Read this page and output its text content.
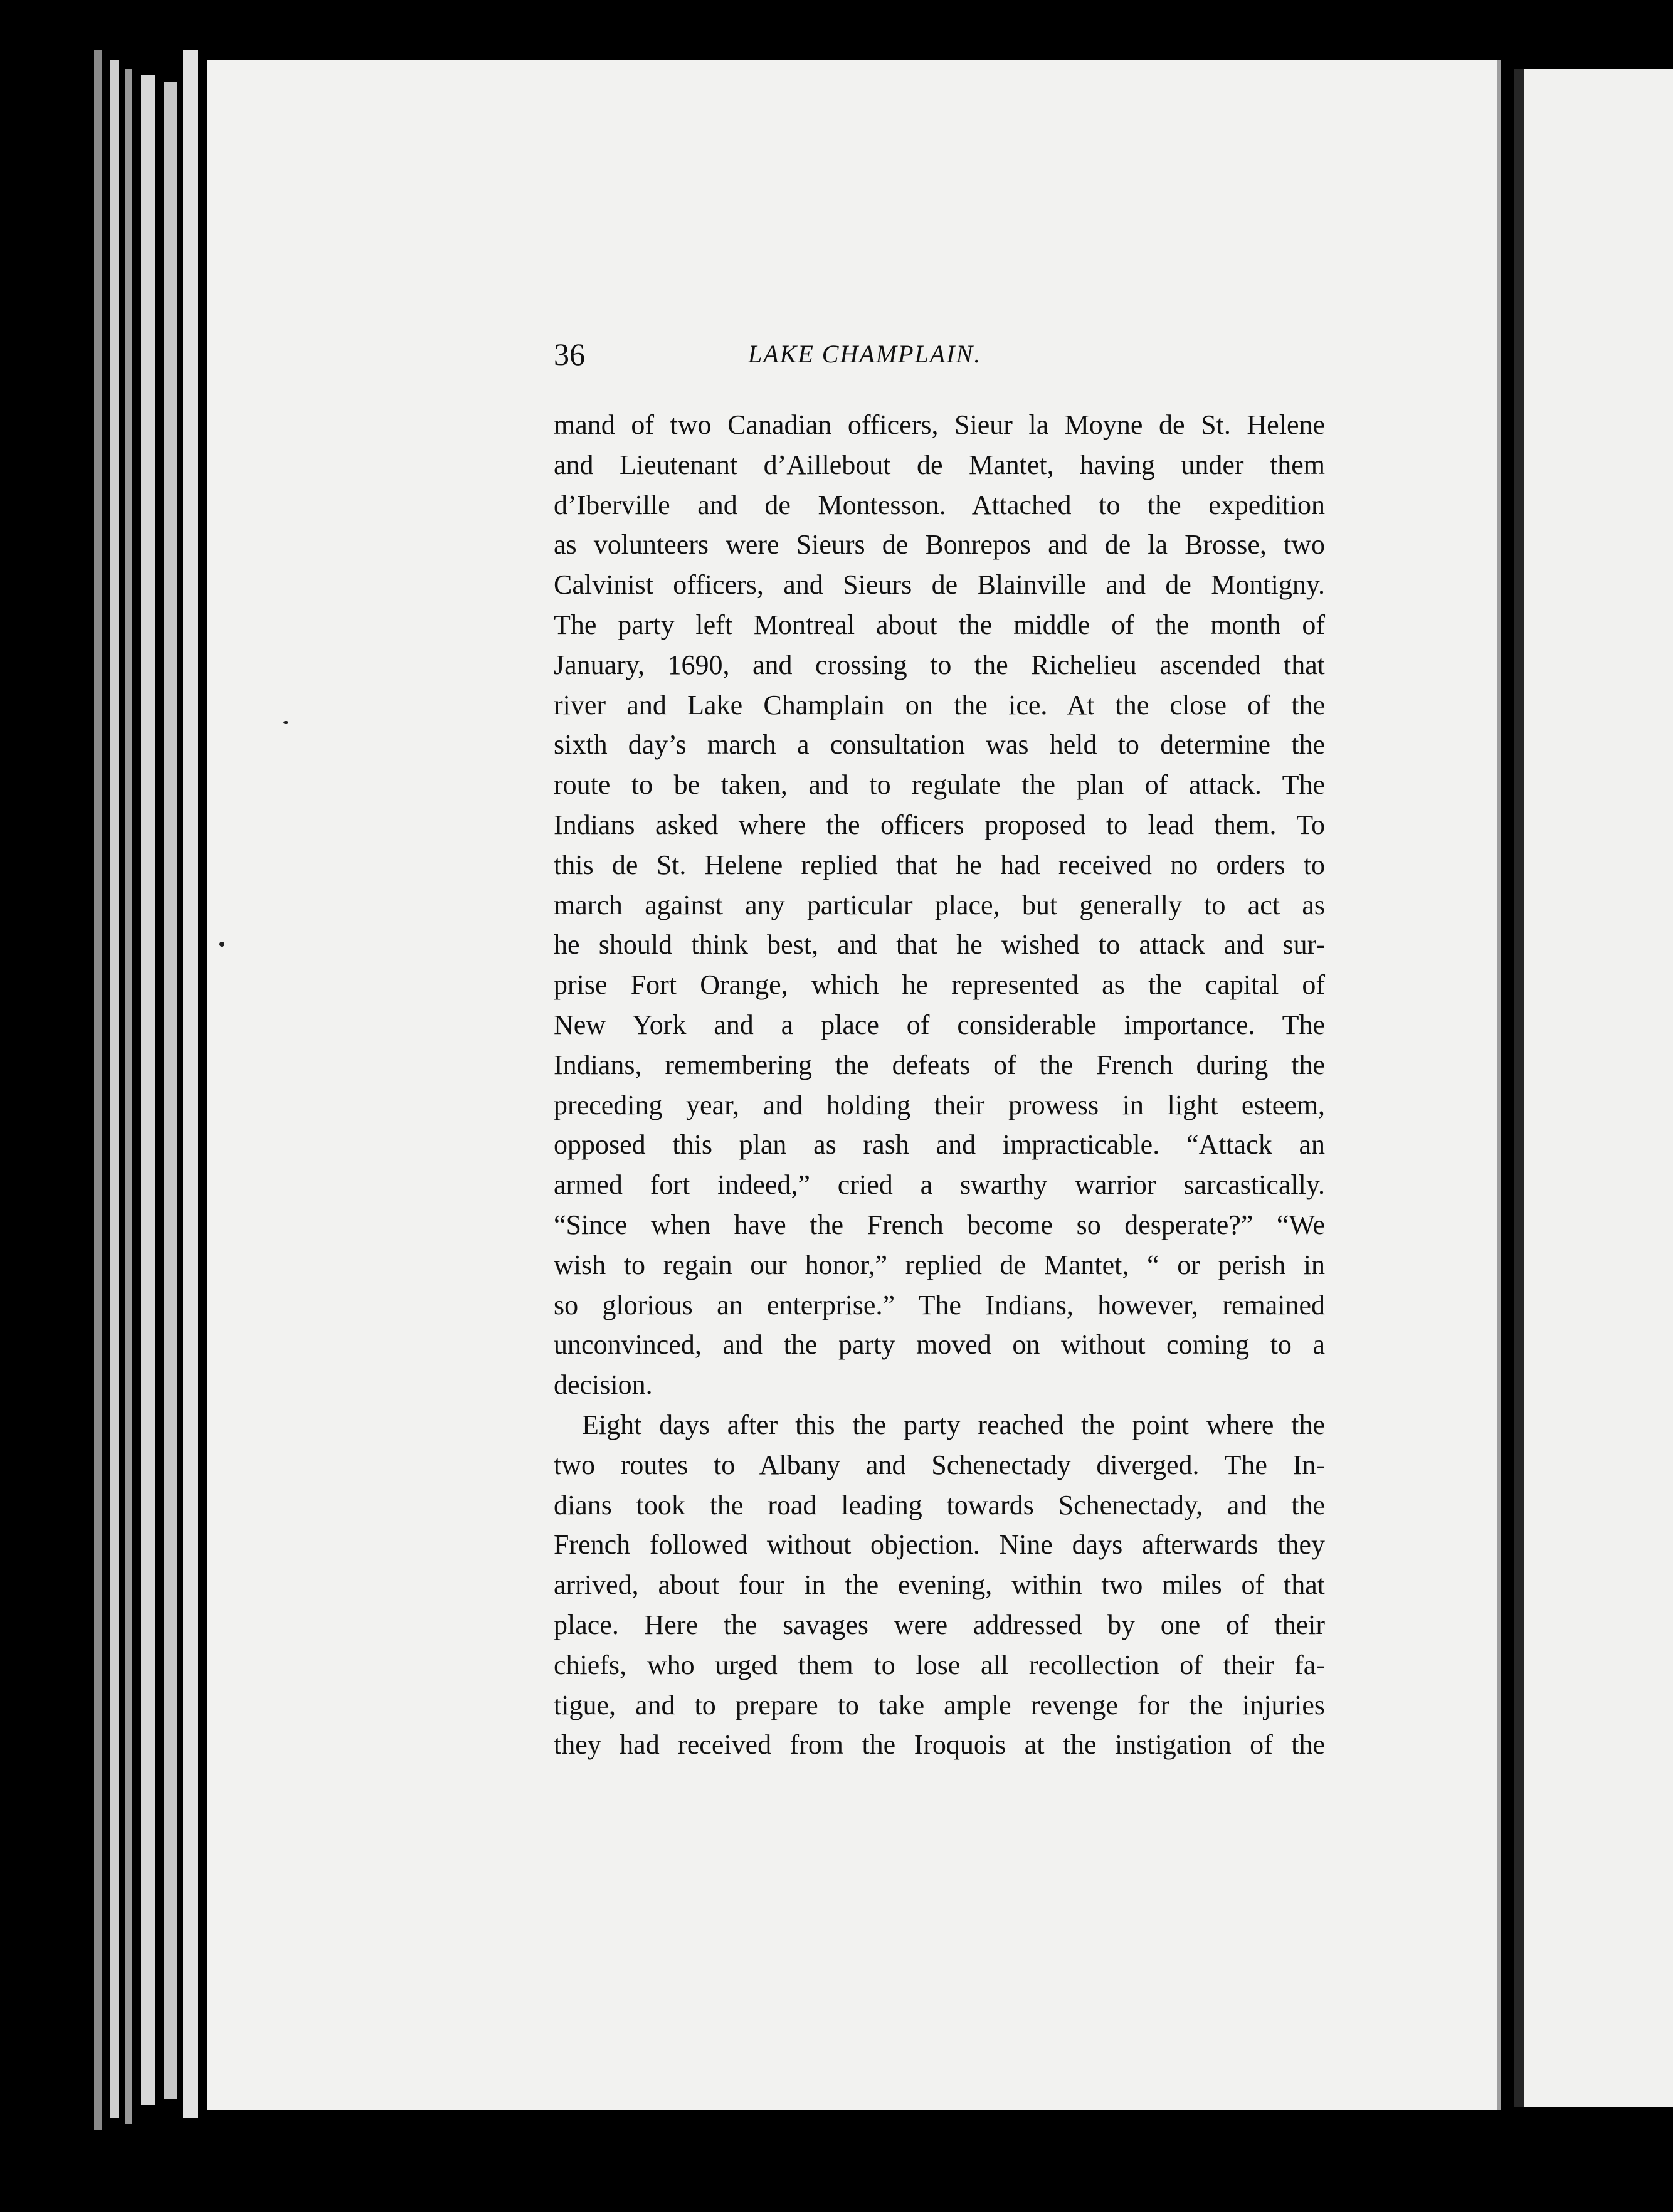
36	LAKE CHAMPLAIN.
mand of two Canadian officers, Sieur la Moyne de St. Helene
and Lieutenant d’Aillebout de Mantet, having under them
d’Iberville and de Montesson. Attached to the expedition
as volunteers were Sieurs de Bonrepos and de la Brosse, two
Calvinist officers, and Sieurs de Blainville and de Montigny.
The party left Montreal about the middle of the month of
January, 1690, and crossing to the Richelieu ascended that
river and Lake Champlain on the ice. At the close of the
sixth day’s march a consultation was held to determine the
route to be taken, and to regulate the plan of attack. The
Indians asked where the officers proposed to lead them. To
this de St. Helene replied that he had received no orders to
march against any particular place, but generally to act as
he should think best, and that he wished to attack and sur-
prise Fort Orange, which he represented as the capital of
New York and a place of considerable importance. The
Indians, remembering the defeats of the French during the
preceding year, and holding their prowess in light esteem,
opposed this plan as rash and impracticable. “Attack an
armed fort indeed,” cried a swarthy warrior sarcastically.
“Since when have the French become so desperate?” “We
wish to regain our honor,” replied de Mantet, “ or perish in
so glorious an enterprise.” The Indians, however, remained
unconvinced, and the party moved on without coming to a
decision.
Eight days after this the party reached the point where the
two routes to Albany and Schenectady diverged. The In-
dians took the road leading towards Schenectady, and the
French followed without objection. Nine days afterwards they
arrived, about four in the evening, within two miles of that
place. Here the savages were addressed by one of their
chiefs, who urged them to lose all recollection of their fa-
tigue, and to prepare to take ample revenge for the injuries
they had received from the Iroquois at the instigation of the
